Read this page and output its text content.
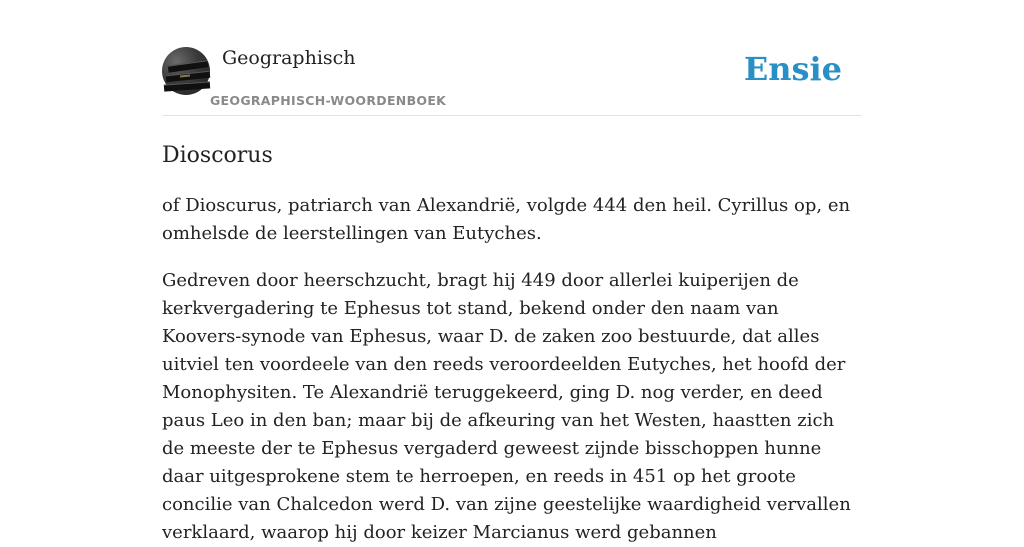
Geographisch
GEOGRAPHISCH-WOORDENBOEK
Ensie
Dioscorus

of Dioscurus, patriarch van Alexandrië, volgde 444 den heil. Cyrillus op, en omhelsde de leerstellingen van Eutyches.

Gedreven door heerschzucht, bragt hij 449 door allerlei kuiperijen de kerkvergadering te Ephesus tot stand, bekend onder den naam van Koovers-synode van Ephesus, waar D. de zaken zoo bestuurde, dat alles uitviel ten voordeele van den reeds veroordeelden Eutyches, het hoofd der Monophysiten. Te Alexandrië teruggekeerd, ging D. nog verder, en deed paus Leo in den ban; maar bij de afkeuring van het Westen, haastten zich de meeste der te Ephesus vergaderd geweest zijnde bisschoppen hunne daar uitgesprokene stem te herroepen, en reeds in 451 op het groote concilie van Chalcedon werd D. van zijne geestelijke waardigheid vervallen verklaard, waarop hij door keizer Marcianus werd gebannen
